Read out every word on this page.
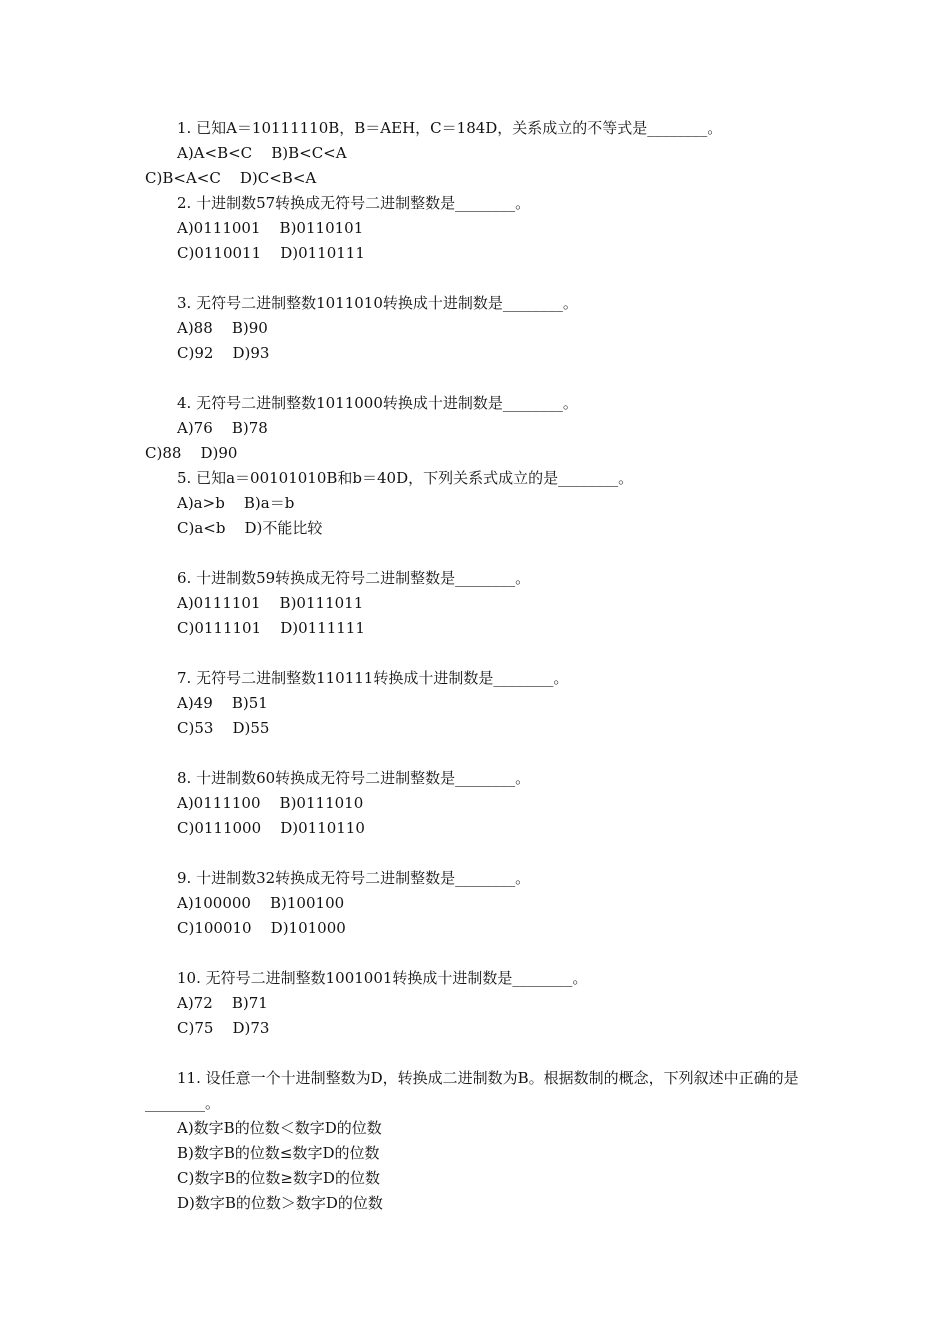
1. 已知A＝10111110B，B＝AEH，C＝184D，关系成立的不等式是________。
A)A<B<C    B)B<C<A
C)B<A<C    D)C<B<A
2. 十进制数57转换成无符号二进制整数是________。
A)0111001    B)0110101
C)0110011    D)0110111
3. 无符号二进制整数1011010转换成十进制数是________。
A)88    B)90
C)92    D)93
4. 无符号二进制整数1011000转换成十进制数是________。
A)76    B)78
C)88    D)90
5. 已知a＝00101010B和b＝40D，下列关系式成立的是________。
A)a>b    B)a＝b
C)a<b    D)不能比较
6. 十进制数59转换成无符号二进制整数是________。
A)0111101    B)0111011
C)0111101    D)0111111
7. 无符号二进制整数110111转换成十进制数是________。
A)49    B)51
C)53    D)55
8. 十进制数60转换成无符号二进制整数是________。
A)0111100    B)0111010
C)0111000    D)0110110
9. 十进制数32转换成无符号二进制整数是________。
A)100000    B)100100
C)100010    D)101000
10. 无符号二进制整数1001001转换成十进制数是________。
A)72    B)71
C)75    D)73
11. 设任意一个十进制整数为D，转换成二进制数为B。根据数制的概念，下列叙述中正确的是________。
A)数字B的位数＜数字D的位数
B)数字B的位数≤数字D的位数
C)数字B的位数≥数字D的位数
D)数字B的位数＞数字D的位数
